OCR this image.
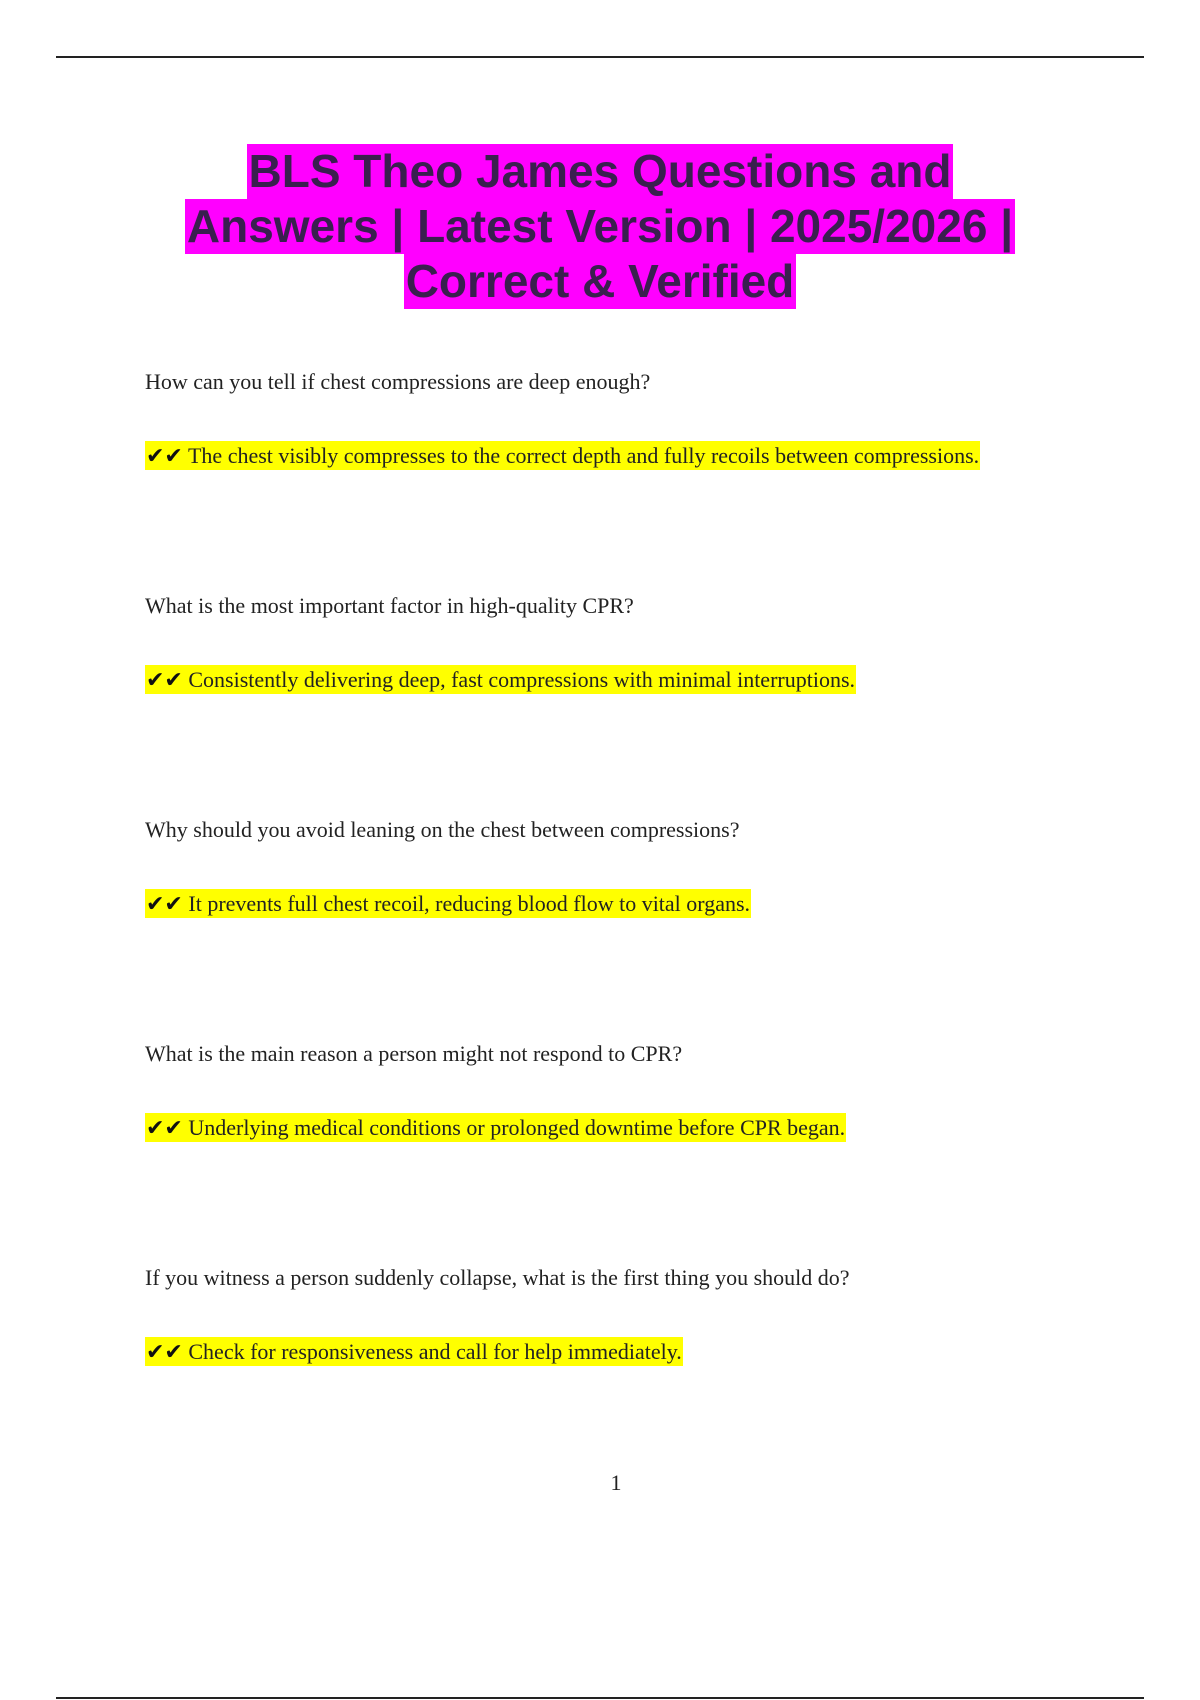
BLS Theo James Questions and
Answers | Latest Version | 2025/2026 |
Correct & Verified
How can you tell if chest compressions are deep enough?
✔✔ The chest visibly compresses to the correct depth and fully recoils between compressions.
What is the most important factor in high-quality CPR?
✔✔ Consistently delivering deep, fast compressions with minimal interruptions.
Why should you avoid leaning on the chest between compressions?
✔✔ It prevents full chest recoil, reducing blood flow to vital organs.
What is the main reason a person might not respond to CPR?
✔✔ Underlying medical conditions or prolonged downtime before CPR began.
If you witness a person suddenly collapse, what is the first thing you should do?
✔✔ Check for responsiveness and call for help immediately.
1
